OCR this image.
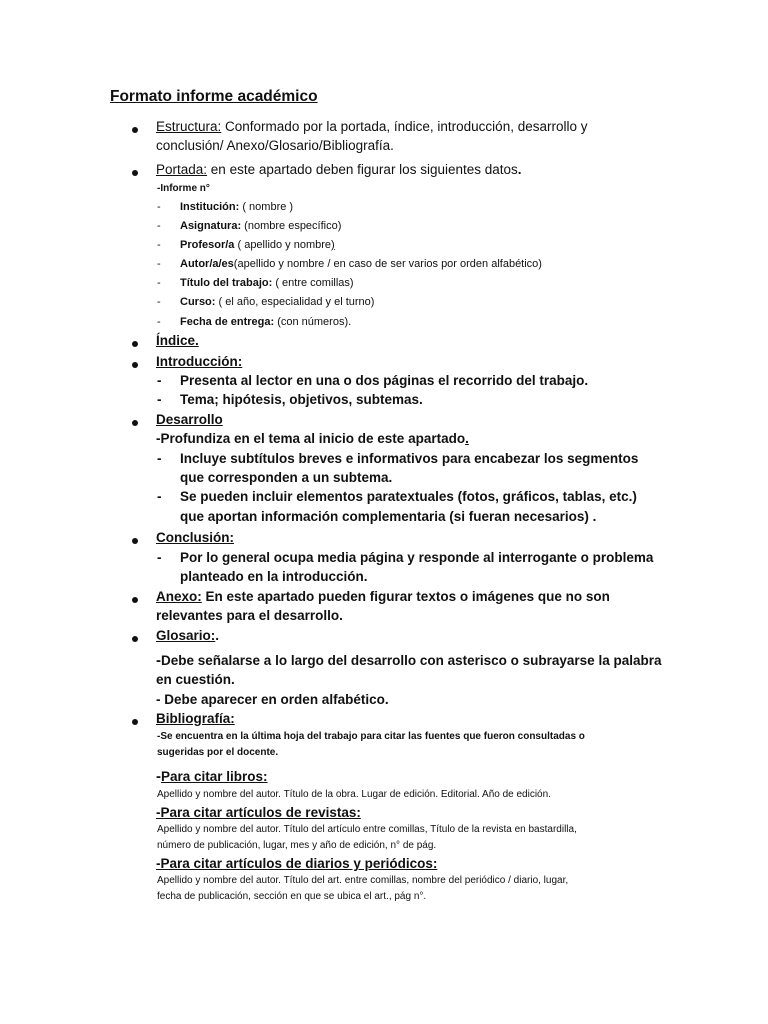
Formato informe académico
Estructura: Conformado por la portada, índice, introducción, desarrollo y
conclusión/ Anexo/Glosario/Bibliografía.
Portada: en este apartado deben figurar los siguientes datos.
-Informe n°
- Institución: ( nombre )
- Asignatura: (nombre específico)
- Profesor/a ( apellido y nombre)
- Autor/a/es(apellido y nombre / en caso de ser varios por orden alfabético)
- Título del trabajo: ( entre comillas)
- Curso: ( el año, especialidad y el turno)
- Fecha de entrega: (con números).
Índice.
Introducción:
- Presenta al lector en una o dos páginas el recorrido del trabajo.
- Tema; hipótesis, objetivos, subtemas.
Desarrollo
-Profundiza en el tema al inicio de este apartado.
- Incluye subtítulos breves e informativos para encabezar los segmentos
que corresponden a un subtema.
- Se pueden incluir elementos paratextuales (fotos, gráficos, tablas, etc.)
que aportan información complementaria (si fueran necesarios) .
Conclusión:
- Por lo general ocupa media página y responde al interrogante o problema
planteado en la introducción.
Anexo: En este apartado pueden figurar textos o imágenes que no son
relevantes para el desarrollo.
Glosario:.
-Debe señalarse a lo largo del desarrollo con asterisco o subrayarse la palabra
en cuestión.
- Debe aparecer en orden alfabético.
Bibliografía:
-Se encuentra en la última hoja del trabajo para citar las fuentes que fueron consultadas o
sugeridas por el docente.
-Para citar libros:
Apellido y nombre del autor. Título de la obra. Lugar de edición. Editorial. Año de edición.
-Para citar artículos de revistas:
Apellido y nombre del autor. Título del artículo entre comillas, Título de la revista en bastardilla,
número de publicación, lugar, mes y año de edición, n° de pág.
-Para citar artículos de diarios y periódicos:
Apellido y nombre del autor. Título del art. entre comillas, nombre del periódico / diario, lugar,
fecha de publicación, sección en que se ubica el art., pág n°.
